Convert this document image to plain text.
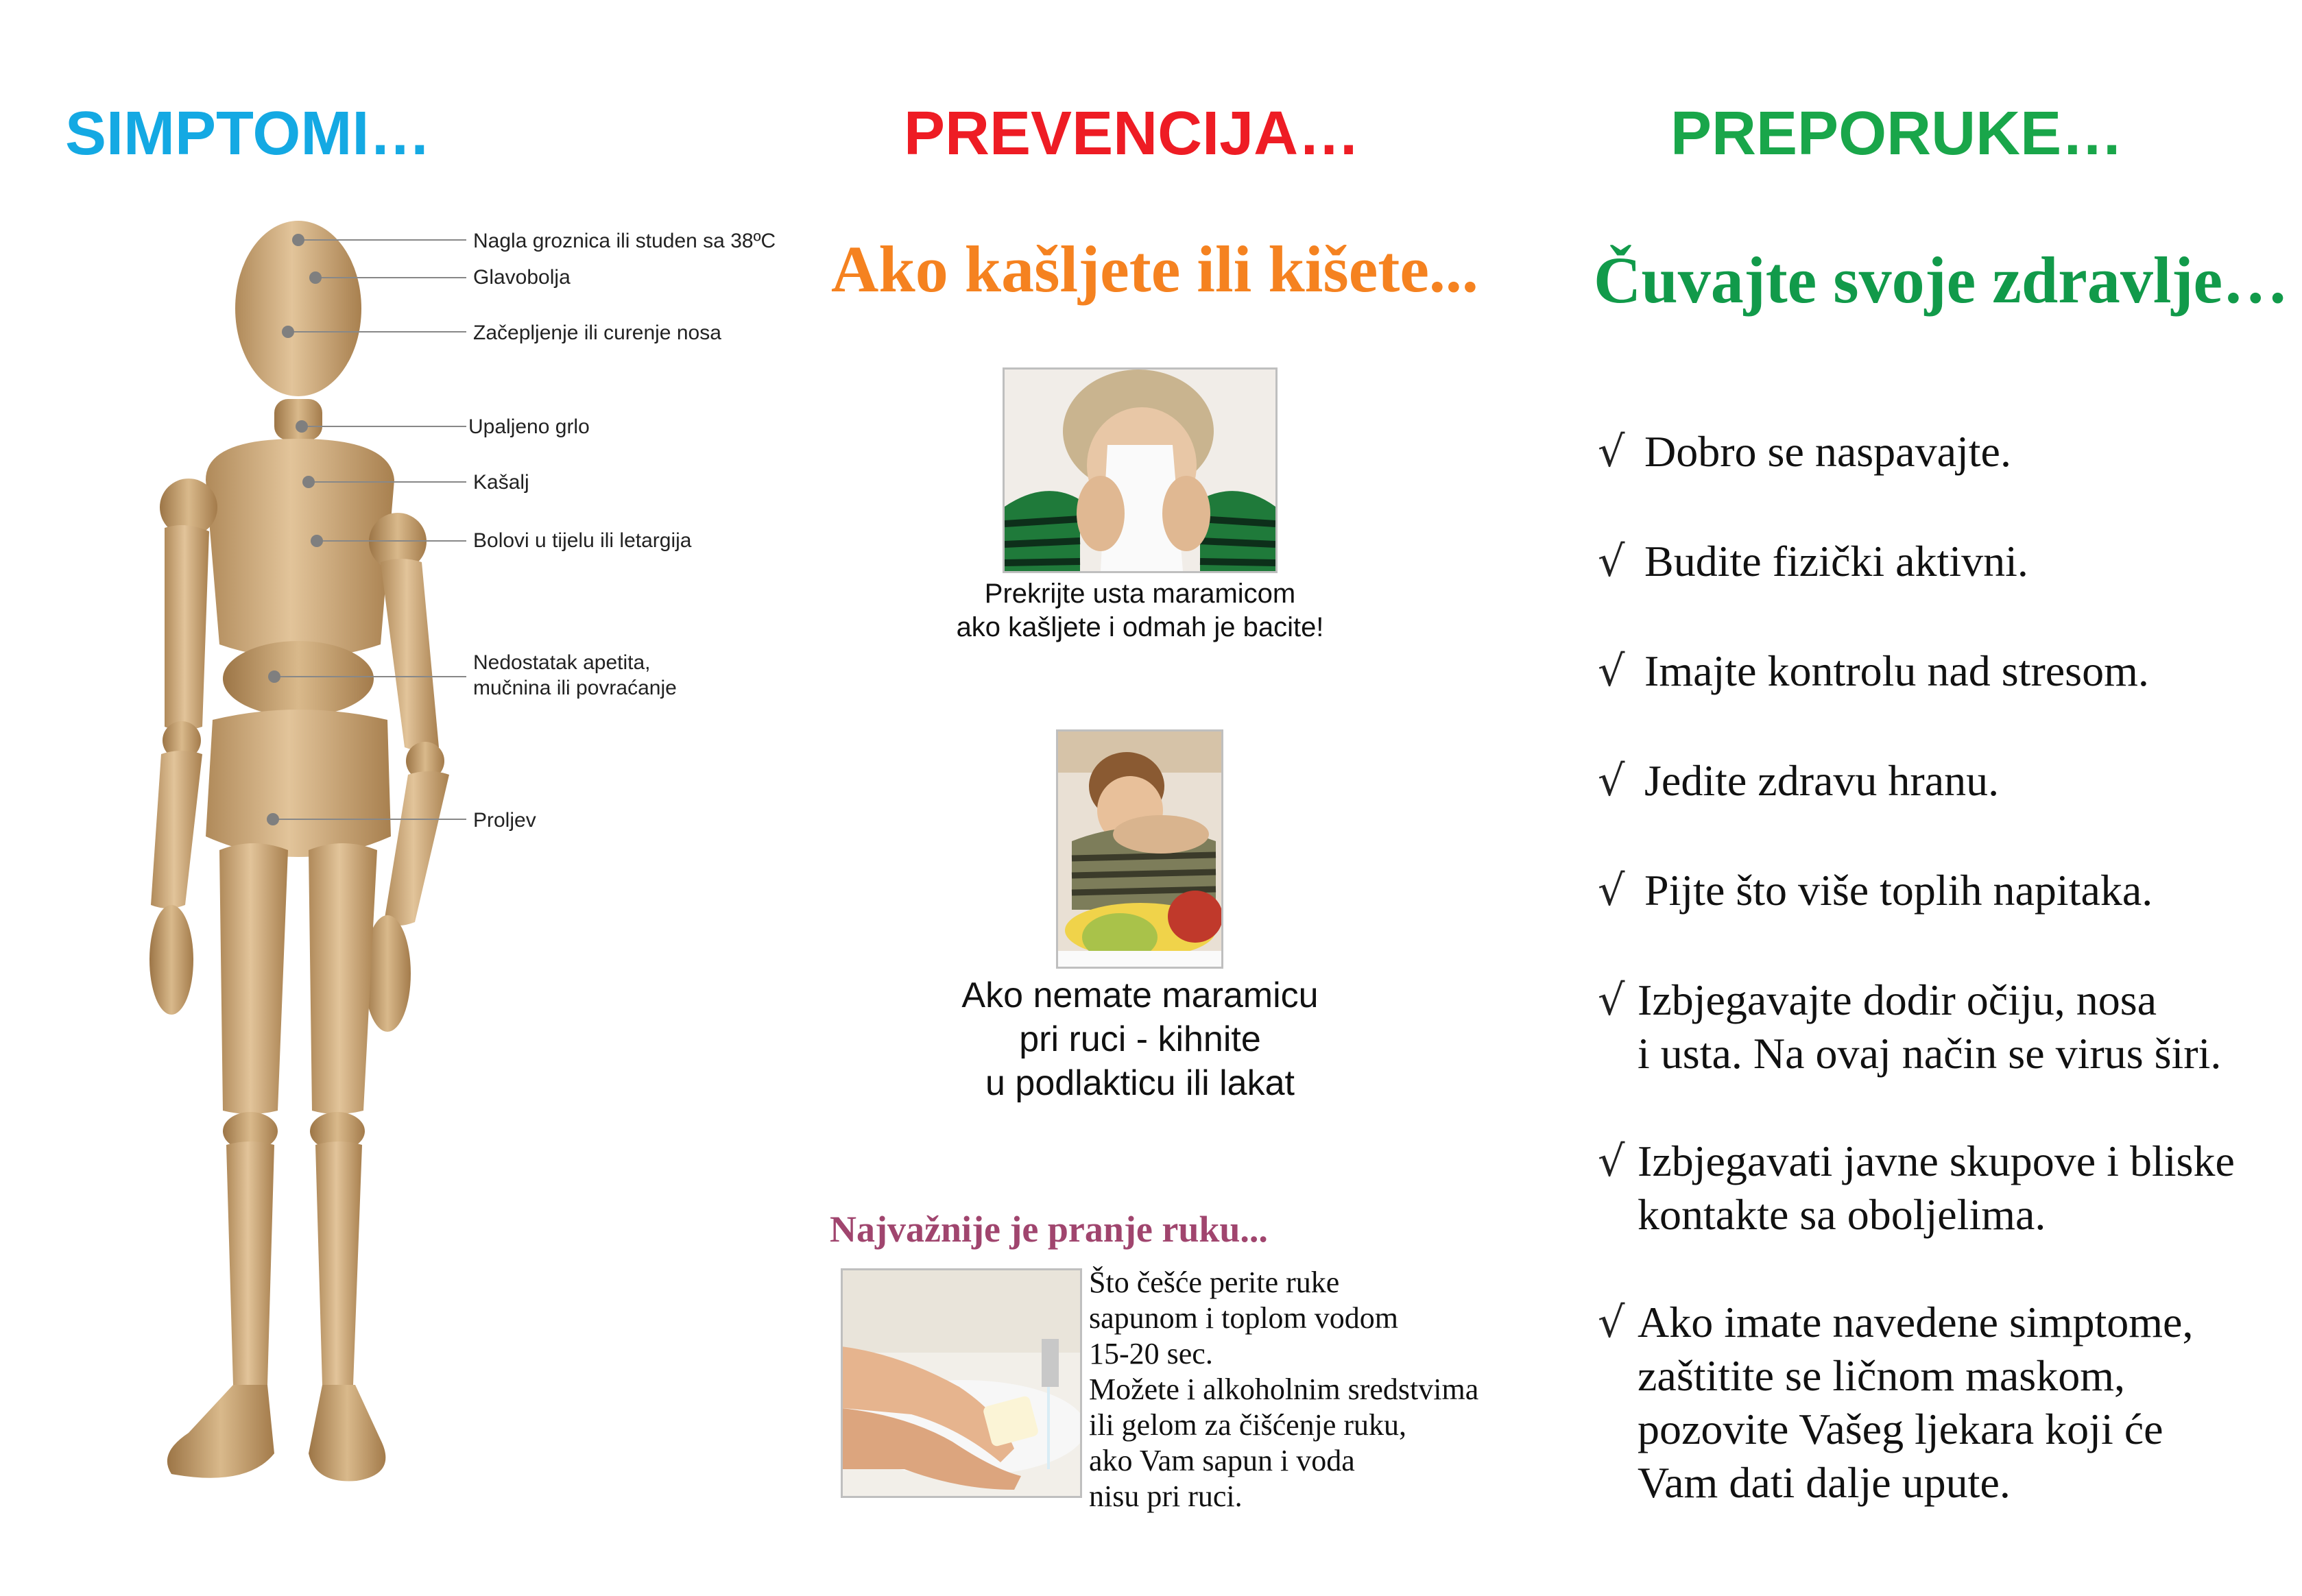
SIMPTOMI…	PREVENCIJA…	PREPORUKE…
Nagla groznica ili studen sa 38ºC
Glavobolja
Začepljenje ili curenje nosa
Upaljeno grlo
Kašalj
Bolovi u tijelu ili letargija
Nedostatak apetita,
mučnina ili povraćanje
Proljev
Ako kašljete ili kišete...
Prekrijte usta maramicom
ako kašljete i odmah je bacite!
Ako nemate maramicu
pri ruci - kihnite
u podlakticu ili lakat
Najvažnije je pranje ruku...
Što češće perite ruke
sapunom i toplom vodom
15-20 sec.
Možete i alkoholnim sredstvima
ili gelom za čišćenje ruku,
ako Vam sapun i voda
nisu pri ruci.
Čuvajte svoje zdravlje…
√ Dobro se naspavajte.
√ Budite fizički aktivni.
√ Imajte kontrolu nad stresom.
√ Jedite zdravu hranu.
√ Pijte što više toplih napitaka.
√ Izbjegavajte dodir očiju, nosa
i usta. Na ovaj način se virus širi.
√ Izbjegavati javne skupove i bliske
kontakte sa oboljelima.
√ Ako imate navedene simptome,
zaštitite se ličnom maskom,
pozovite Vašeg ljekara koji će
Vam dati dalje upute.
